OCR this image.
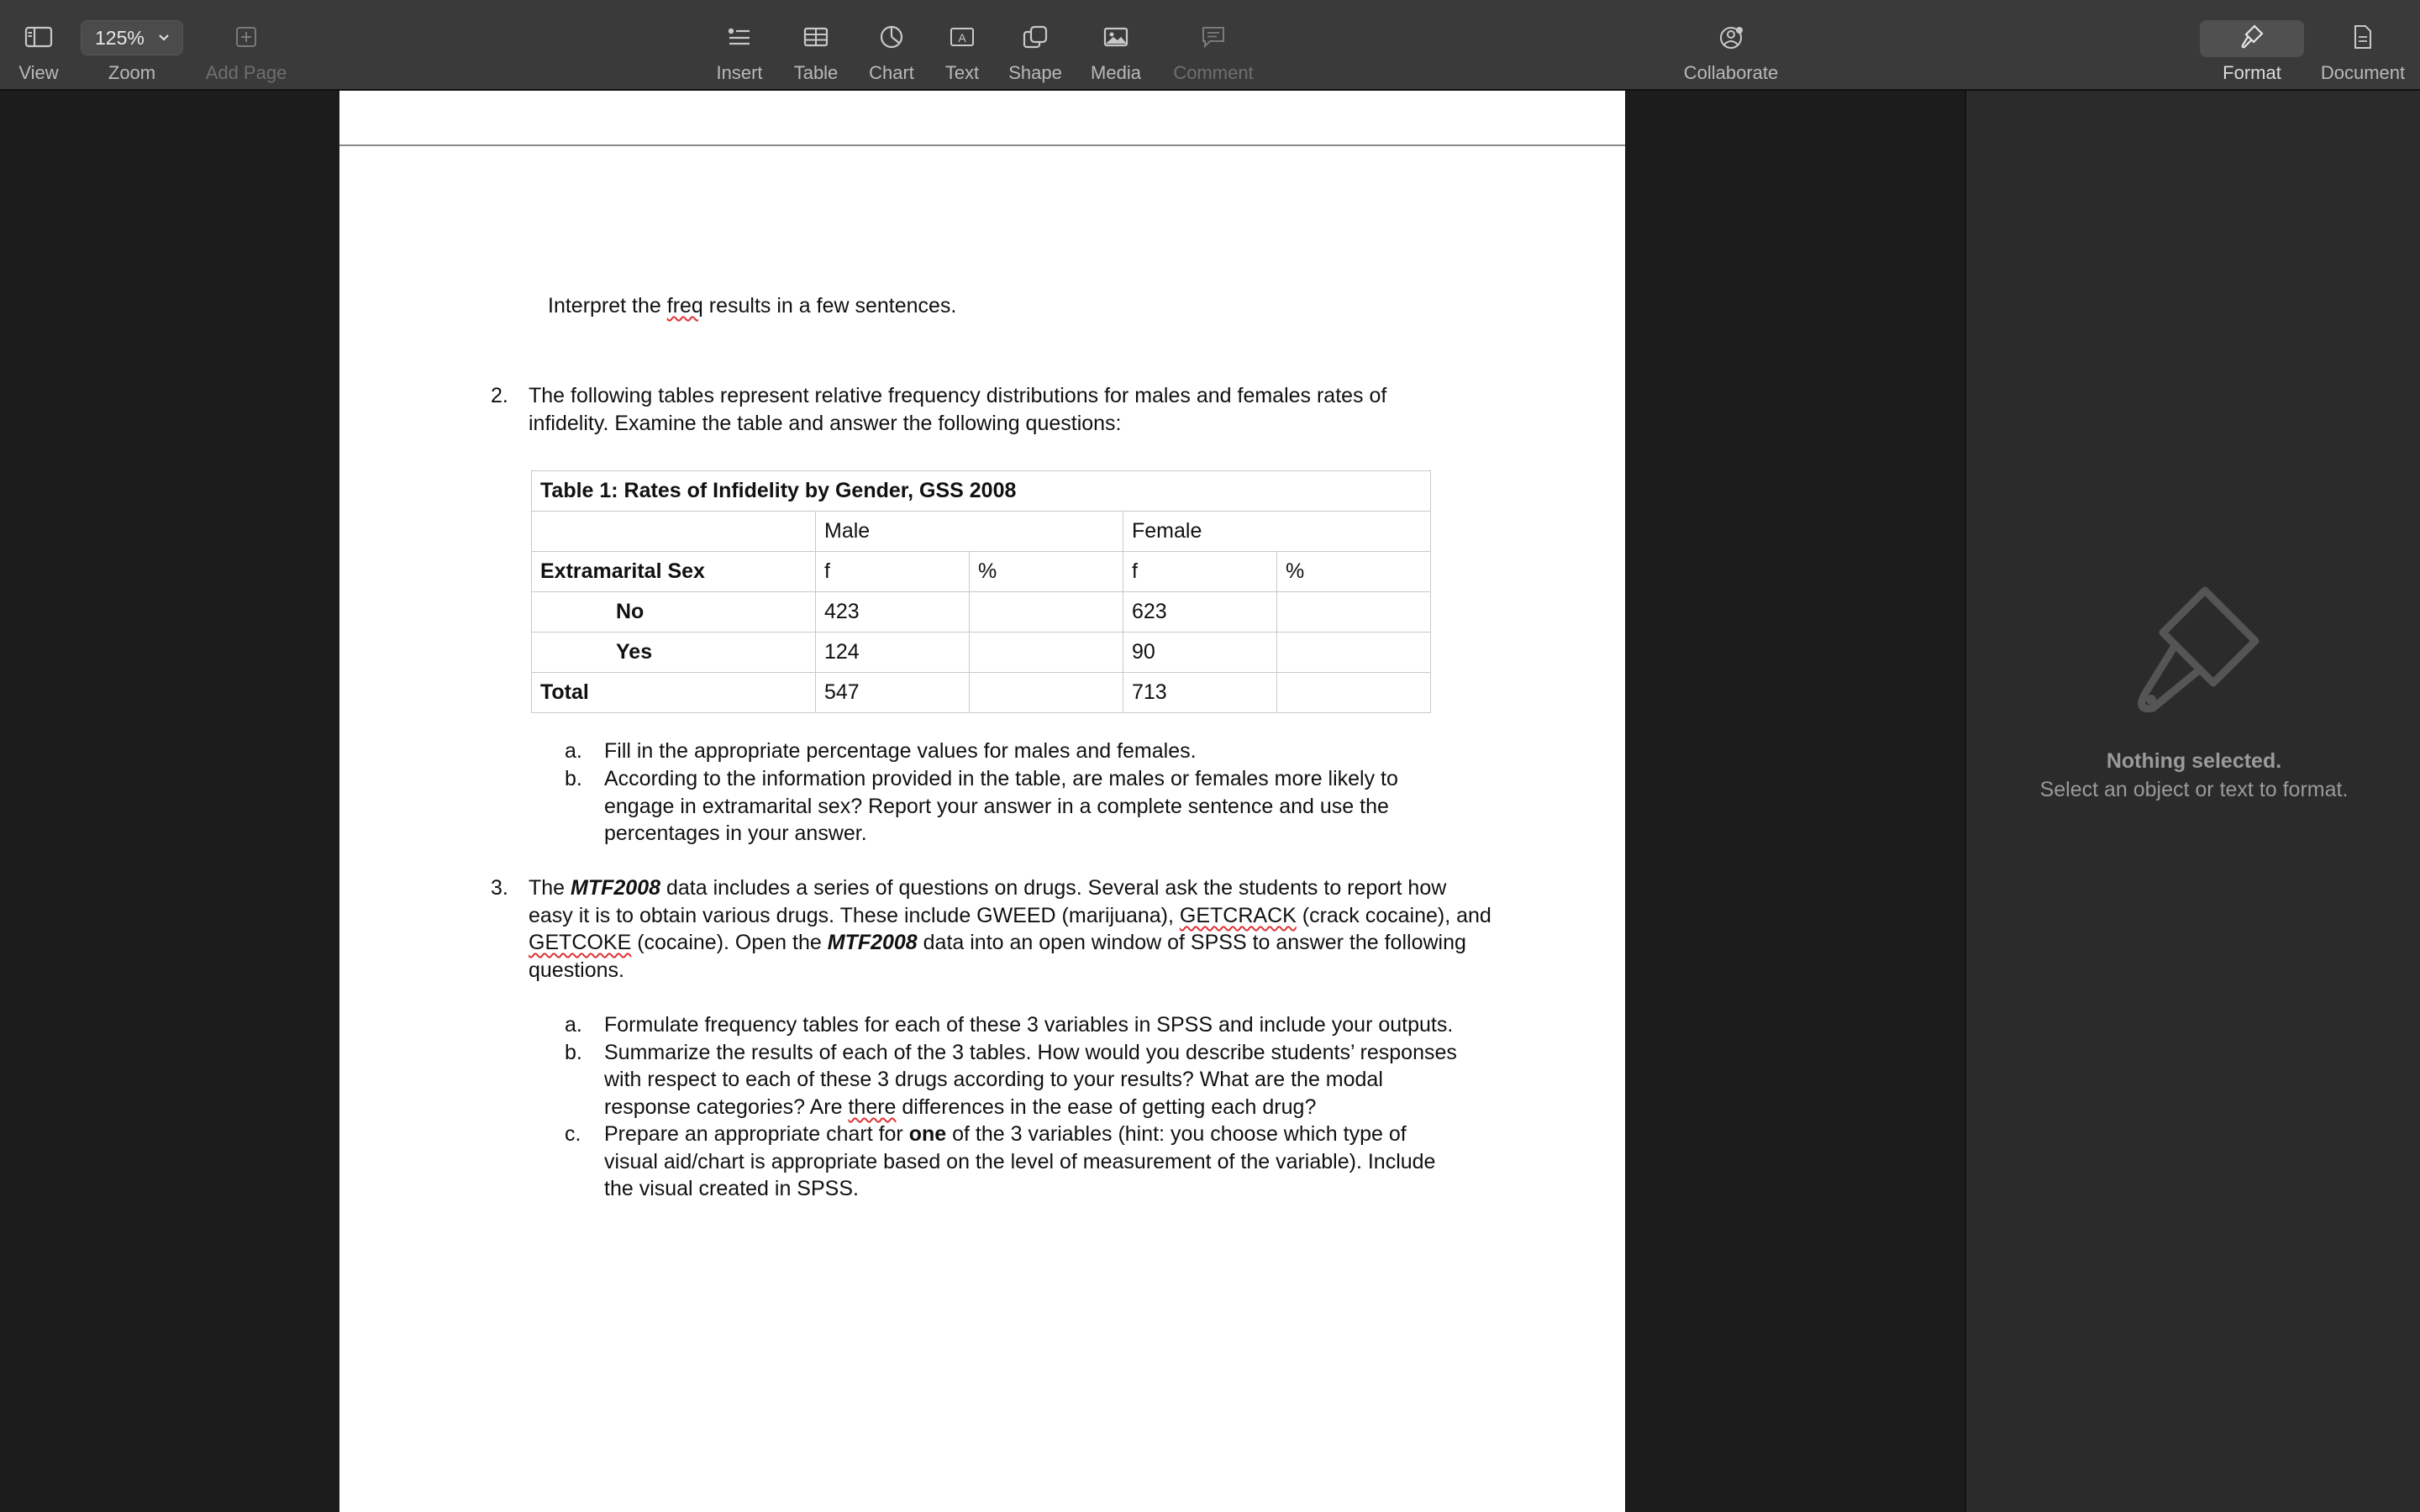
View
125%
Zoom	Add Page	Insert Table Chart
A
Text Shape Media Comment	Collaborate	Format Document
Interpret the freq results in a few sentences.
2. The following tables represent relative frequency distributions for males and females rates of
infidelity. Examine the table and answer the following questions:
Table 1: Rates of Infidelity by Gender, GSS 2008				
	Male		Female	
Extramarital Sex	f	%	f	%
No	423		623	
Yes	124		90	
Total	547		713	
a. Fill in the appropriate percentage values for males and females.
b. According to the information provided in the table, are males or females more likely to
engage in extramarital sex? Report your answer in a complete sentence and use the
percentages in your answer.
3. The MTF2008 data includes a series of questions on drugs. Several ask the students to report how
easy it is to obtain various drugs. These include GWEED (marijuana), GETCRACK (crack cocaine), and
GETCOKE (cocaine). Open the MTF2008 data into an open window of SPSS to answer the following
questions.
a. Formulate frequency tables for each of these 3 variables in SPSS and include your outputs.
b. Summarize the results of each of the 3 tables. How would you describe students’ responses
with respect to each of these 3 drugs according to your results? What are the modal
response categories? Are there differences in the ease of getting each drug?
c. Prepare an appropriate chart for one of the 3 variables (hint: you choose which type of
visual aid/chart is appropriate based on the level of measurement of the variable). Include
the visual created in SPSS.
Nothing selected.
Select an object or text to format.
